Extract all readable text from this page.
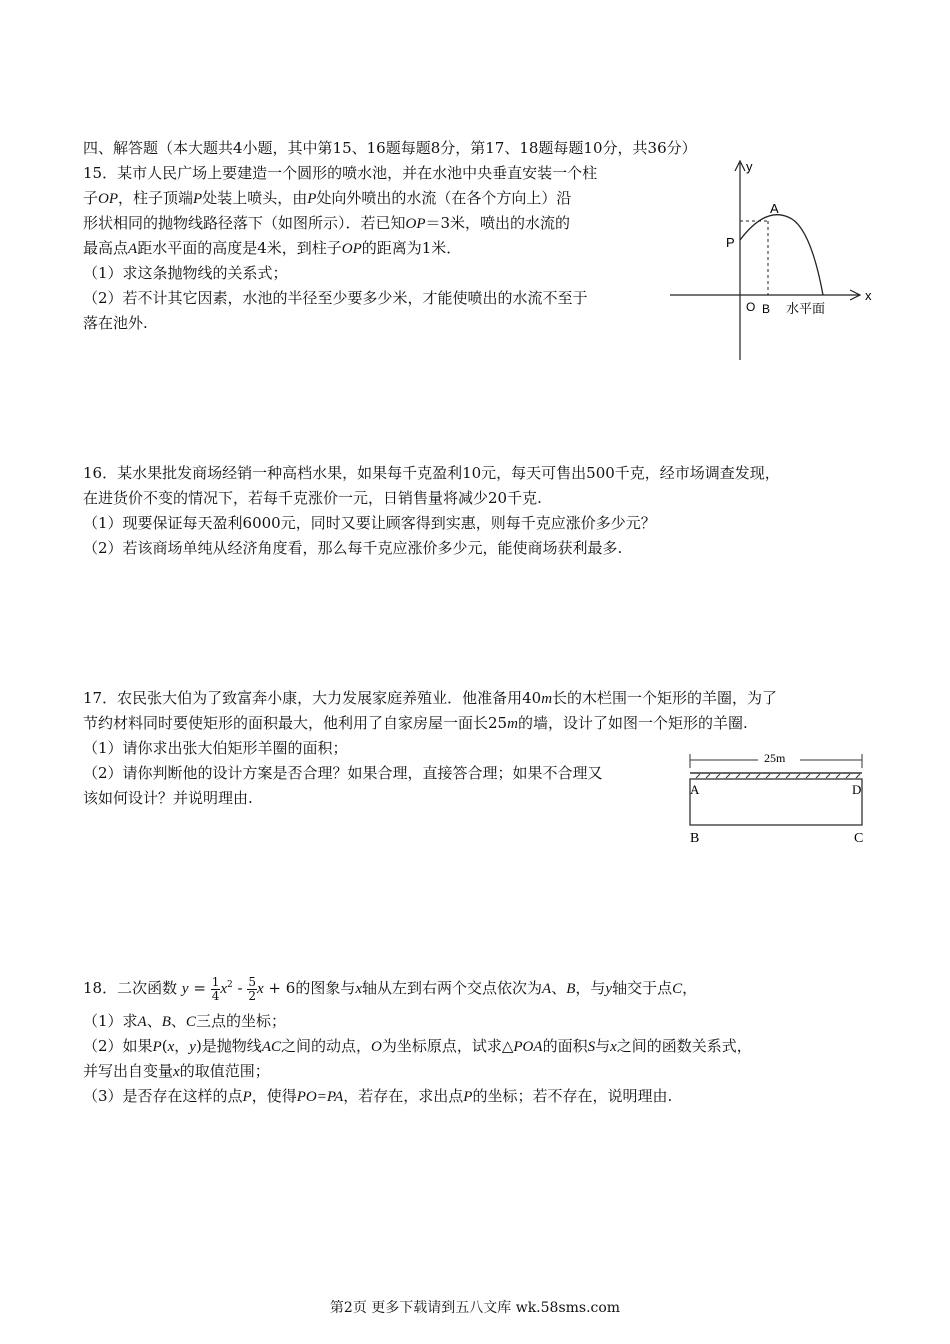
四、解答题（本大题共4小题，其中第15、16题每题8分，第17、18题每题10分，共36分）
15．某市人民广场上要建造一个圆形的喷水池，并在水池中央垂直安装一个柱
子OP，柱子顶端P处装上喷头，由P处向外喷出的水流（在各个方向上）沿
形状相同的抛物线路径落下（如图所示）．若已知OP＝3米，喷出的水流的
最高点A距水平面的高度是4米，到柱子OP的距离为1米．
（1）求这条抛物线的关系式；
（2）若不计其它因素，水池的半径至少要多少米，才能使喷出的水流不至于
落在池外.
y
x
A
P
O B 水平面
16．某水果批发商场经销一种高档水果，如果每千克盈利10元，每天可售出500千克，经市场调查发现，
在进货价不变的情况下，若每千克涨价一元，日销售量将减少20千克.
（1）现要保证每天盈利6000元，同时又要让顾客得到实惠，则每千克应涨价多少元？
（2）若该商场单纯从经济角度看，那么每千克应涨价多少元，能使商场获利最多.
17．农民张大伯为了致富奔小康，大力发展家庭养殖业．他准备用40m长的木栏围一个矩形的羊圈，为了
节约材料同时要使矩形的面积最大，他利用了自家房屋一面长25m的墙，设计了如图一个矩形的羊圈.
（1）请你求出张大伯矩形羊圈的面积；
（2）请你判断他的设计方案是否合理？如果合理，直接答合理；如果不合理又
该如何设计？并说明理由.
25m
A	D
B	C
18．二次函数 $y = \frac{1}{4} x^2 - \frac{5}{2}$ x + 6的图象与x轴从左到右两个交点依次为A、B，与y轴交于点C，
（1）求A、B、C三点的坐标；
（2）如果P(x，y)是抛物线AC之间的动点，O为坐标原点，试求△POA的面积S与x之间的函数关系式，
并写出自变量x的取值范围；
（3）是否存在这样的点P，使得PO=PA，若存在，求出点P的坐标；若不存在，说明理由.
第2页 更多下载请到五八文库 wk.58sms.com
